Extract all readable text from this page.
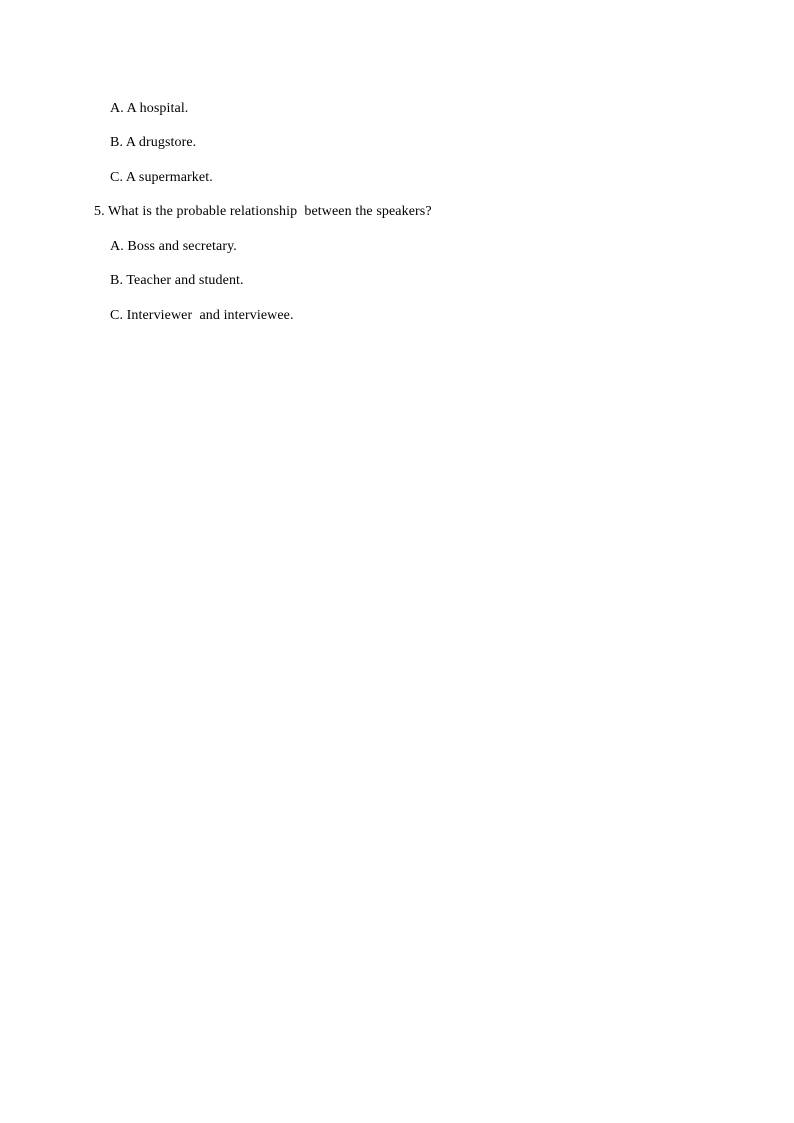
A. A hospital.
B. A drugstore.
C. A supermarket.
5. What is the probable relationship  between the speakers?
A. Boss and secretary.
B. Teacher and student.
C. Interviewer  and interviewee.
